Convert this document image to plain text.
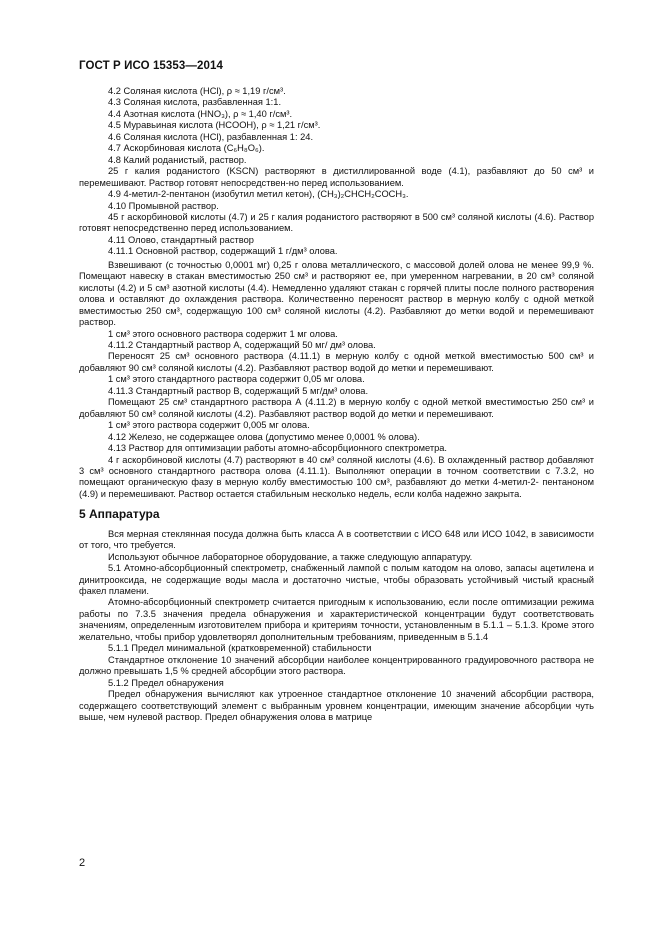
ГОСТ Р ИСО 15353—2014

4.2 Соляная кислота (HCl), ρ ≈ 1,19 г/см³.

4.3 Соляная кислота, разбавленная 1:1.

4.4 Азотная кислота (HNO₃), ρ ≈ 1,40 г/см³.

4.5 Муравьиная кислота (HCOOH), ρ ≈ 1,21 г/см³.

4.6 Соляная кислота (HCl), разбавленная 1: 24.

4.7 Аскорбиновая кислота (C₆H₈O₆).

4.8 Калий роданистый, раствор.

25 г калия роданистого (KSCN) растворяют в дистиллированной воде (4.1), разбавляют до 50 см³ и перемешивают. Раствор готовят непосредствен-но перед использованием.

4.9 4-метил-2-пентанон (изобутил метил кетон), (CH₃)₂CHCH₂COCH₃.

4.10 Промывной раствор.

45 г аскорбиновой кислоты (4.7) и 25 г калия роданистого растворяют в 500 см³ соляной кислоты (4.6). Раствор готовят непосредственно перед использованием.

4.11 Олово, стандартный раствор

4.11.1 Основной раствор, содержащий 1 г/дм³ олова.

Взвешивают (с точностью 0,0001 мг) 0,25 г олова металлического, с массовой долей олова не менее 99,9 %. Помещают навеску в стакан вместимостью 250 см³ и растворяют ее, при умеренном нагревании, в 20 см³ соляной кислоты (4.2) и 5 см³ азотной кислоты (4.4). Немедленно удаляют стакан с горячей плиты после полного растворения олова и оставляют до охлаждения раствора. Количественно переносят раствор в мерную колбу с одной меткой вместимостью 250 см³, содержащую 100 см³ соляной кислоты (4.2). Разбавляют до метки водой и перемешивают раствор.

1 см³ этого основного раствора содержит 1 мг олова.

4.11.2 Стандартный раствор А, содержащий 50 мг/ дм³ олова.

Переносят 25 см³ основного раствора (4.11.1) в мерную колбу с одной меткой вместимостью 500 см³ и добавляют 90 см³ соляной кислоты (4.2). Разбавляют раствор водой до метки и перемешивают.

1 см³ этого стандартного раствора содержит 0,05 мг олова.

4.11.3 Стандартный раствор В, содержащий 5 мг/дм³ олова.

Помещают 25 см³ стандартного раствора А (4.11.2) в мерную колбу с одной меткой вместимостью 250 см³ и добавляют 50 см³ соляной кислоты (4.2). Разбавляют раствор водой до метки и перемешивают.

1 см³ этого раствора содержит 0,005 мг олова.

4.12 Железо, не содержащее олова (допустимо менее 0,0001 % олова).

4.13 Раствор для оптимизации работы атомно-абсорбционного спектрометра.

4 г аскорбиновой кислоты (4.7) растворяют в 40 см³ соляной кислоты (4.6). В охлажденный раствор добавляют 3 см³ основного стандартного раствора олова (4.11.1). Выполняют операции в точном соответствии с 7.3.2, но помещают органическую фазу в мерную колбу вместимостью 100 см³, разбавляют до метки 4-метил-2- пентаноном (4.9) и перемешивают. Раствор остается стабильным несколько недель, если колба надежно закрыта.

5 Аппаратура

Вся мерная стеклянная посуда должна быть класса А в соответствии с ИСО 648 или ИСО 1042, в зависимости от того, что требуется.

Используют обычное лабораторное оборудование, а также следующую аппаратуру.

5.1 Атомно-абсорбционный спектрометр, снабженный лампой с полым катодом на олово, запасы ацетилена и динитрооксида, не содержащие воды масла и достаточно чистые, чтобы образовать устойчивый чистый красный факел пламени.

Атомно-абсорбционный спектрометр считается пригодным к использованию, если после оптимизации режима работы по 7.3.5 значения предела обнаружения и характеристической концентрации будут соответствовать значениям, определенным изготовителем прибора и критериям точности, установленным в 5.1.1 – 5.1.3. Кроме этого желательно, чтобы прибор удовлетворял дополнительным требованиям, приведенным в 5.1.4

5.1.1 Предел минимальной (кратковременной) стабильности

Стандартное отклонение 10 значений абсорбции наиболее концентрированного градуировочного раствора не должно превышать 1,5 % средней абсорбции этого раствора.

5.1.2 Предел обнаружения

Предел обнаружения вычисляют как утроенное стандартное отклонение 10 значений абсорбции раствора, содержащего соответствующий элемент с выбранным уровнем концентрации, имеющим значение абсорбции чуть выше, чем нулевой раствор. Предел обнаружения олова в матрице

2
